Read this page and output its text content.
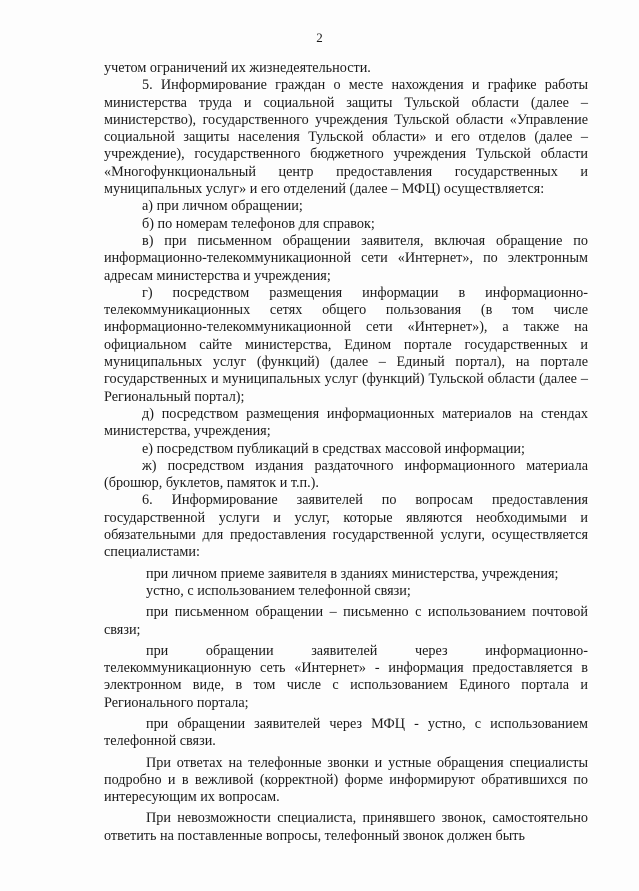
2

учетом ограничений их жизнедеятельности.

5. Информирование граждан о месте нахождения и графике работы министерства труда и социальной защиты Тульской области (далее – министерство), государственного учреждения Тульской области «Управление социальной защиты населения Тульской области» и его отделов (далее – учреждение), государственного бюджетного учреждения Тульской области «Многофункциональный центр предоставления государственных и муниципальных услуг» и его отделений (далее – МФЦ) осуществляется:

а) при личном обращении;

б) по номерам телефонов для справок;

в) при письменном обращении заявителя, включая обращение по информационно-телекоммуникационной сети «Интернет», по электронным адресам министерства и учреждения;

г) посредством размещения информации в информационно-телекоммуникационных сетях общего пользования (в том числе информационно-телекоммуникационной сети «Интернет»), а также на официальном сайте министерства, Едином портале государственных и муниципальных услуг (функций) (далее – Единый портал), на портале государственных и муниципальных услуг (функций) Тульской области (далее – Региональный портал);

д) посредством размещения информационных материалов на стендах министерства, учреждения;

е) посредством публикаций в средствах массовой информации;

ж) посредством издания раздаточного информационного материала (брошюр, буклетов, памяток и т.п.).

6. Информирование заявителей по вопросам предоставления государственной услуги и услуг, которые являются необходимыми и обязательными для предоставления государственной услуги, осуществляется специалистами:

при личном приеме заявителя в зданиях министерства, учреждения;

устно, с использованием телефонной связи;

при письменном обращении – письменно с использованием почтовой связи;

при обращении заявителей через информационно-телекоммуникационную сеть «Интернет» - информация предоставляется в электронном виде, в том числе с использованием Единого портала и Регионального портала;

при обращении заявителей через МФЦ - устно, с использованием телефонной связи.

При ответах на телефонные звонки и устные обращения специалисты подробно и в вежливой (корректной) форме информируют обратившихся по интересующим их вопросам.

При невозможности специалиста, принявшего звонок, самостоятельно ответить на поставленные вопросы, телефонный звонок должен быть
